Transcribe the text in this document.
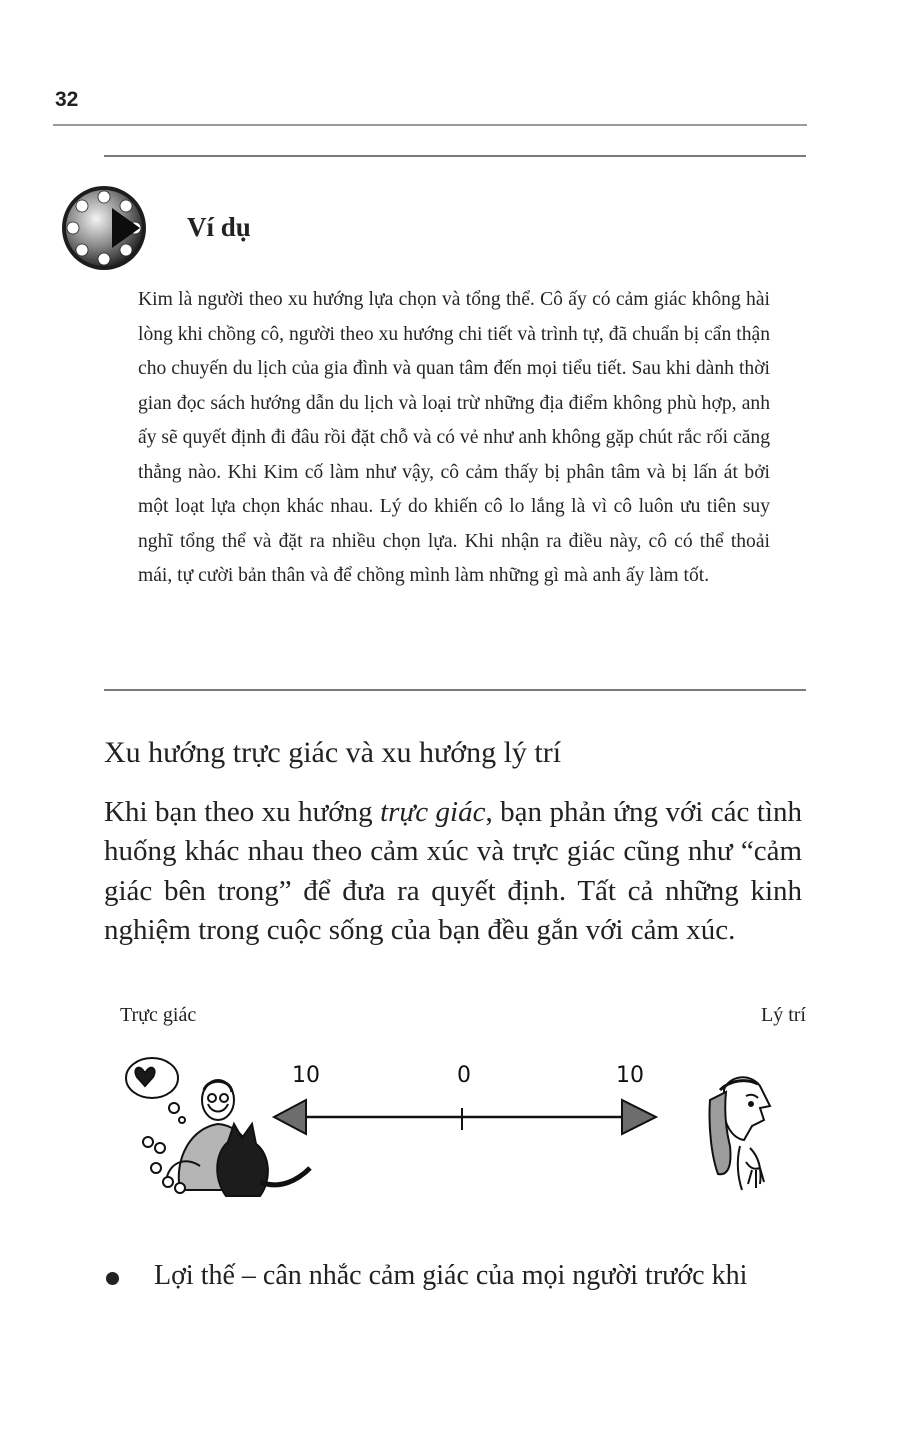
32
Ví dụ
Kim là người theo xu hướng lựa chọn và tổng thể. Cô ấy có cảm giác không hài lòng khi chồng cô, người theo xu hướng chi tiết và trình tự, đã chuẩn bị cẩn thận cho chuyến du lịch của gia đình và quan tâm đến mọi tiểu tiết. Sau khi dành thời gian đọc sách hướng dẫn du lịch và loại trừ những địa điểm không phù hợp, anh ấy sẽ quyết định đi đâu rồi đặt chỗ và có vẻ như anh không gặp chút rắc rối căng thẳng nào. Khi Kim cố làm như vậy, cô cảm thấy bị phân tâm và bị lấn át bởi một loạt lựa chọn khác nhau. Lý do khiến cô lo lắng là vì cô luôn ưu tiên suy nghĩ tổng thể và đặt ra nhiều chọn lựa. Khi nhận ra điều này, cô có thể thoải mái, tự cười bản thân và để chồng mình làm những gì mà anh ấy làm tốt.
Xu hướng trực giác và xu hướng lý trí
Khi bạn theo xu hướng trực giác, bạn phản ứng với các tình huống khác nhau theo cảm xúc và trực giác cũng như “cảm giác bên trong” để đưa ra quyết định. Tất cả những kinh nghiệm trong cuộc sống của bạn đều gắn với cảm xúc.
Trực giác	Lý trí
10	0	10
Lợi thế – cân nhắc cảm giác của mọi người trước khi
